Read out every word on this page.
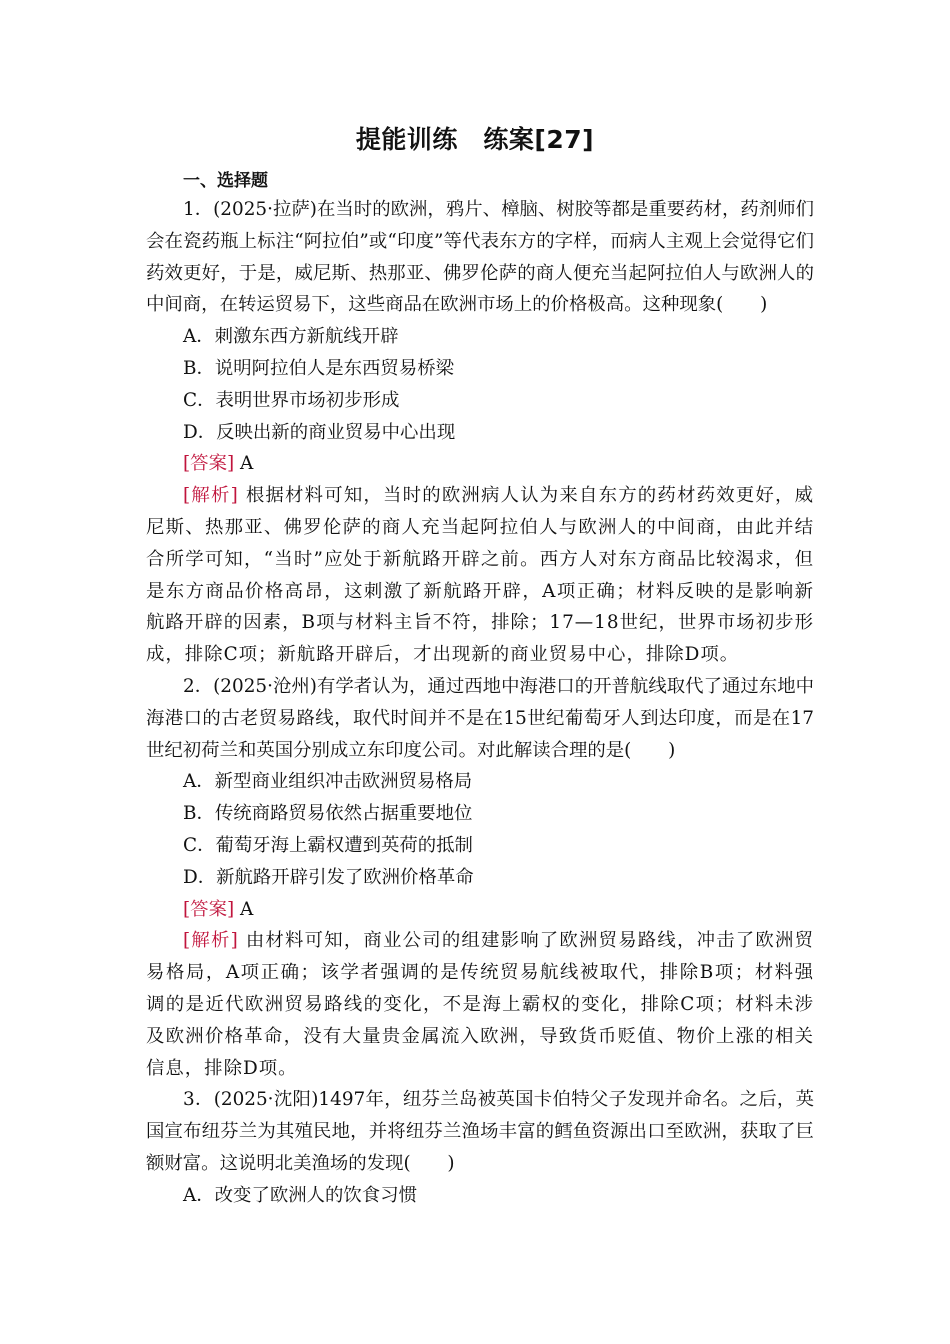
提能训练　练案[27]
一、选择题

1．(2025·拉萨)在当时的欧洲，鸦片、樟脑、树胶等都是重要药材，药剂师们会在瓷药瓶上标注“阿拉伯”或“印度”等代表东方的字样，而病人主观上会觉得它们药效更好，于是，威尼斯、热那亚、佛罗伦萨的商人便充当起阿拉伯人与欧洲人的中间商，在转运贸易下，这些商品在欧洲市场上的价格极高。这种现象(　　)

A．刺激东西方新航线开辟

B．说明阿拉伯人是东西贸易桥梁

C．表明世界市场初步形成

D．反映出新的商业贸易中心出现

[答案] A

[解析] 根据材料可知，当时的欧洲病人认为来自东方的药材药效更好，威尼斯、热那亚、佛罗伦萨的商人充当起阿拉伯人与欧洲人的中间商，由此并结合所学可知，“当时”应处于新航路开辟之前。西方人对东方商品比较渴求，但是东方商品价格高昂，这刺激了新航路开辟，A项正确；材料反映的是影响新航路开辟的因素，B项与材料主旨不符，排除；17—18世纪，世界市场初步形成，排除C项；新航路开辟后，才出现新的商业贸易中心，排除D项。

2．(2025·沧州)有学者认为，通过西地中海港口的开普航线取代了通过东地中海港口的古老贸易路线，取代时间并不是在15世纪葡萄牙人到达印度，而是在17世纪初荷兰和英国分别成立东印度公司。对此解读合理的是(　　)

A．新型商业组织冲击欧洲贸易格局

B．传统商路贸易依然占据重要地位

C．葡萄牙海上霸权遭到英荷的抵制

D．新航路开辟引发了欧洲价格革命

[答案] A

[解析] 由材料可知，商业公司的组建影响了欧洲贸易路线，冲击了欧洲贸易格局，A项正确；该学者强调的是传统贸易航线被取代，排除B项；材料强调的是近代欧洲贸易路线的变化，不是海上霸权的变化，排除C项；材料未涉及欧洲价格革命，没有大量贵金属流入欧洲，导致货币贬值、物价上涨的相关信息，排除D项。

3．(2025·沈阳)1497年，纽芬兰岛被英国卡伯特父子发现并命名。之后，英国宣布纽芬兰为其殖民地，并将纽芬兰渔场丰富的鳕鱼资源出口至欧洲，获取了巨额财富。这说明北美渔场的发现(　　)

A．改变了欧洲人的饮食习惯
